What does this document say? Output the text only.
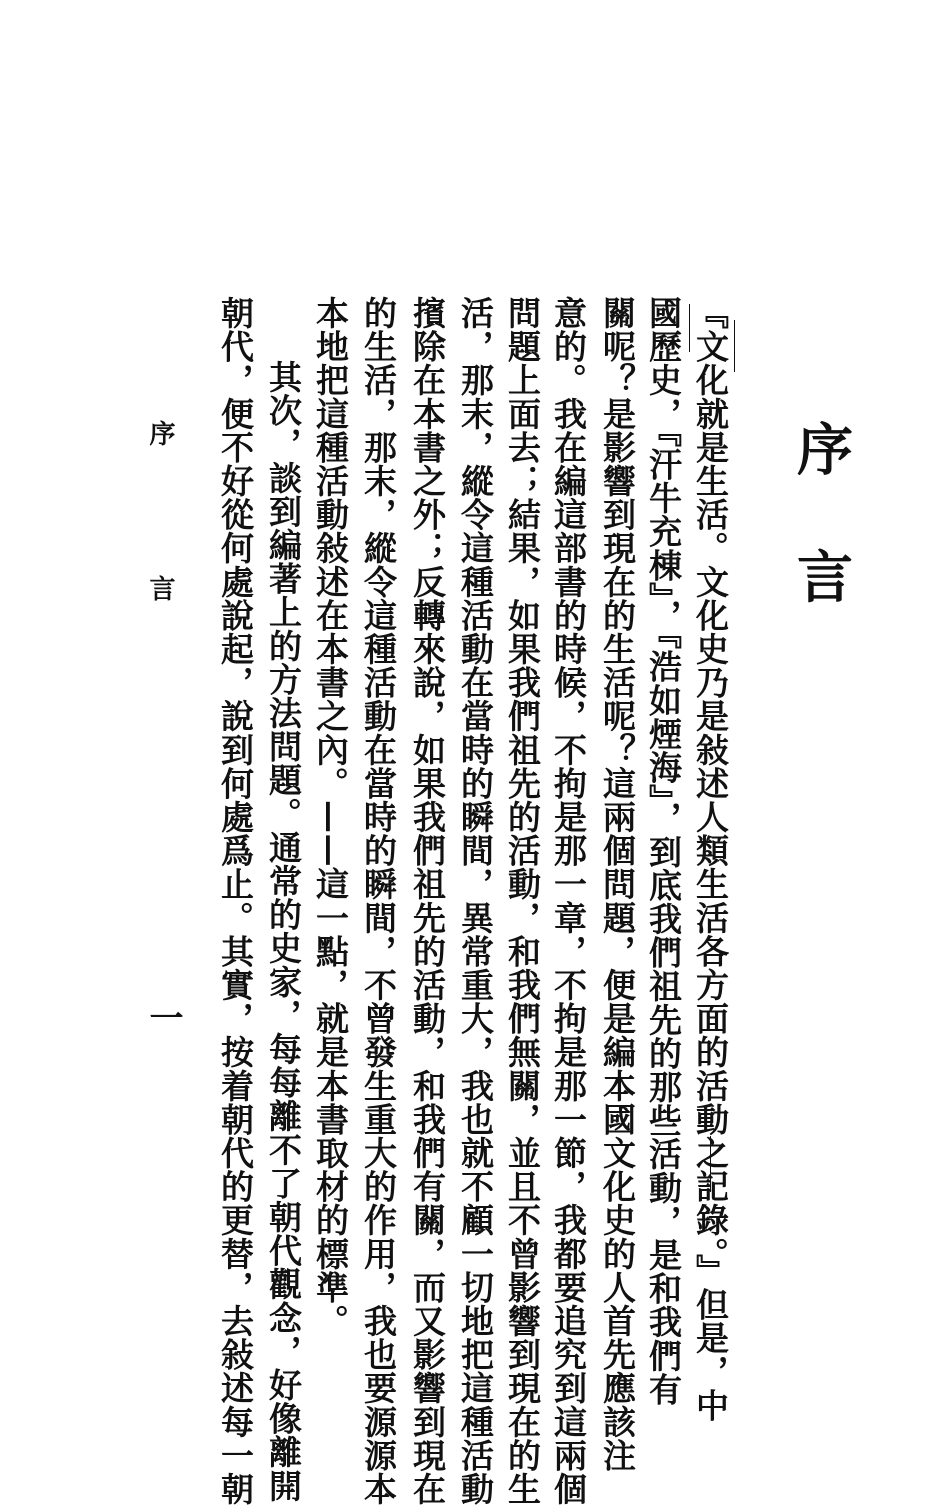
序 言
『文化就是生活。文化史乃是敍述人類生活各方面的活動之記錄。』但是，中
國歷史，『汗牛充棟』，『浩如煙海』，到底我們祖先的那些活動，是和我們有
關呢？是影響到現在的生活呢？這兩個問題，便是編本國文化史的人首先應該注
意的。我在編這部書的時候，不拘是那一章，不拘是那一節，我都要追究到這兩個
問題上面去；結果，如果我們祖先的活動，和我們無關，並且不曾影響到現在的生
活，那末，縱令這種活動在當時的瞬間，異常重大，我也就不顧一切地把這種活動
擯除在本書之外；反轉來說，如果我們祖先的活動，和我們有關，而又影響到現在
的生活，那末，縱令這種活動在當時的瞬間，不曾發生重大的作用，我也要源源本
本地把這種活動敍述在本書之內。——這一點，就是本書取材的標準。
其次，談到編著上的方法問題。通常的史家，每每離不了朝代觀念，好像離開
朝代，便不好從何處說起，說到何處爲止。其實，按着朝代的更替，去敍述每一朝
序 言
一
